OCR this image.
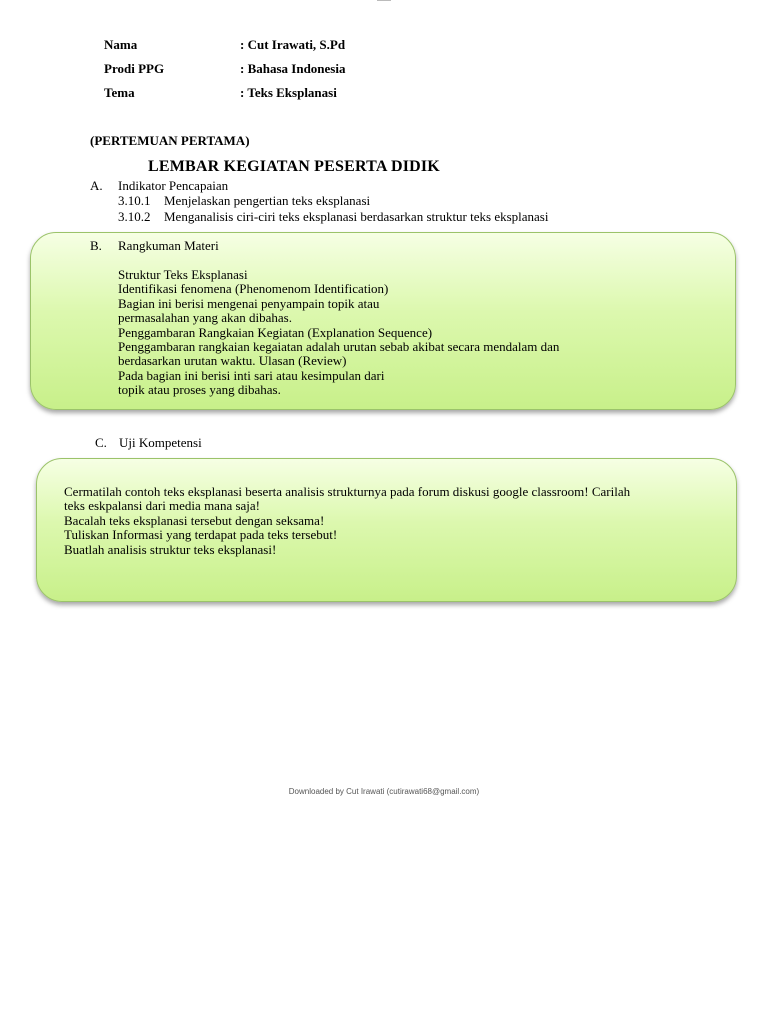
Nama	: Cut Irawati, S.Pd
Prodi PPG	: Bahasa Indonesia
Tema	: Teks Eksplanasi
(PERTEMUAN PERTAMA)
LEMBAR KEGIATAN PESERTA DIDIK
A. Indikator Pencapaian
3.10.1 Menjelaskan pengertian teks eksplanasi
3.10.2 Menganalisis ciri-ciri teks eksplanasi berdasarkan struktur teks eksplanasi
B. Rangkuman Materi
Struktur Teks Eksplanasi
Identifikasi fenomena (Phenomenom Identification)
Bagian ini berisi mengenai penyampain topik atau
permasalahan yang akan dibahas.
Penggambaran Rangkaian Kegiatan (Explanation Sequence)
Penggambaran rangkaian kegaiatan adalah urutan sebab akibat secara mendalam dan
berdasarkan urutan waktu. Ulasan (Review)
Pada bagian ini berisi inti sari atau kesimpulan dari
topik atau proses yang dibahas.
C. Uji Kompetensi
Cermatilah contoh teks eksplanasi beserta analisis strukturnya pada forum diskusi google classroom! Carilah
teks eskpalansi dari media mana saja!
Bacalah teks eksplanasi tersebut dengan seksama!
Tuliskan Informasi yang terdapat pada teks tersebut!
Buatlah analisis struktur teks eksplanasi!
Downloaded by Cut Irawati (cutirawati68@gmail.com)
